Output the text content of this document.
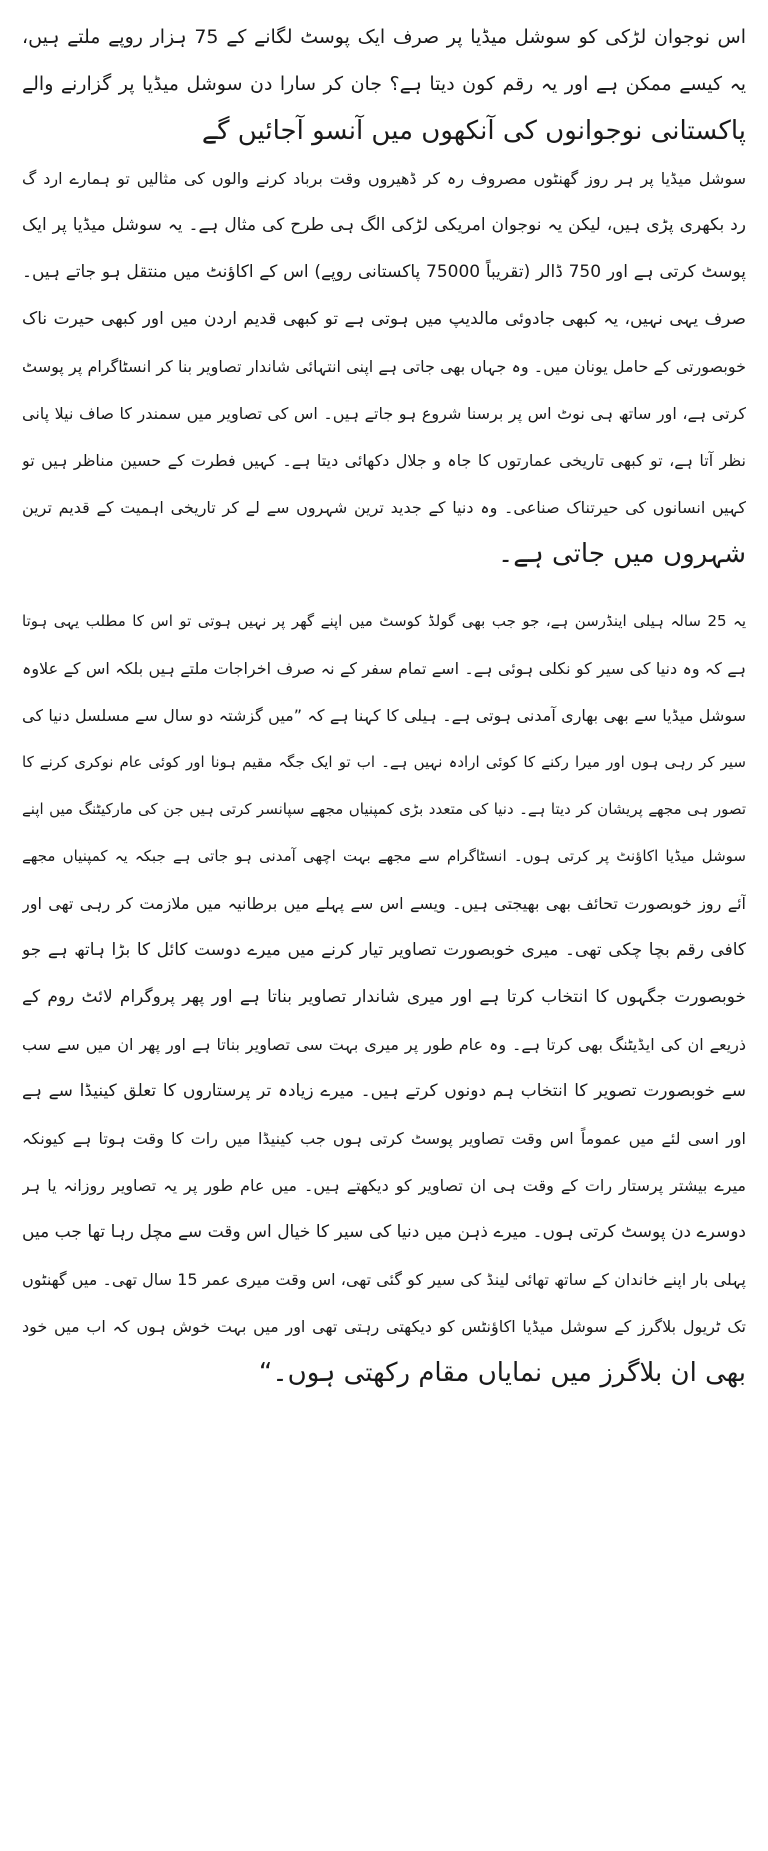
اس نوجوان لڑکی کو سوشل میڈیا پر صرف ایک پوسٹ لگانے کے 75 ہزار روپے ملتے ہیں،
یہ کیسے ممکن ہے اور یہ رقم کون دیتا ہے؟ جان کر سارا دن سوشل میڈیا پر گزارنے والے
پاکستانی نوجوانوں کی آنکھوں میں آنسو آجائیں گے
سوشل میڈیا پر ہر روز گھنٹوں مصروف رہ کر ڈھیروں وقت برباد کرنے والوں کی مثالیں تو ہمارے ارد گ
رد بکھری پڑی ہیں، لیکن یہ نوجوان امریکی لڑکی الگ ہی طرح کی مثال ہے۔ یہ سوشل میڈیا پر ایک
پوسٹ کرتی ہے اور 750 ڈالر (تقریباً 75000 پاکستانی روپے) اس کے اکاؤنٹ میں منتقل ہو جاتے ہیں۔
صرف یہی نہیں، یہ کبھی جادوئی مالدیپ میں ہوتی ہے تو کبھی قدیم اردن میں اور کبھی حیرت ناک
خوبصورتی کے حامل یونان میں۔ وہ جہاں بھی جاتی ہے اپنی انتہائی شاندار تصاویر بنا کر انسٹاگرام پر پوسٹ
کرتی ہے، اور ساتھ ہی نوٹ اس پر برسنا شروع ہو جاتے ہیں۔ اس کی تصاویر میں سمندر کا صاف نیلا پانی
نظر آتا ہے، تو کبھی تاریخی عمارتوں کا جاہ و جلال دکھائی دیتا ہے۔ کہیں فطرت کے حسین مناظر ہیں تو
کہیں انسانوں کی حیرتناک صناعی۔ وہ دنیا کے جدید ترین شہروں سے لے کر تاریخی اہمیت کے قدیم ترین
شہروں میں جاتی ہے۔
یہ 25 سالہ ہیلی اینڈرسن ہے، جو جب بھی گولڈ کوسٹ میں اپنے گھر پر نہیں ہوتی تو اس کا مطلب یہی ہوتا
ہے کہ وہ دنیا کی سیر کو نکلی ہوئی ہے۔ اسے تمام سفر کے نہ صرف اخراجات ملتے ہیں بلکہ اس کے علاوہ
سوشل میڈیا سے بھی بھاری آمدنی ہوتی ہے۔ ہیلی کا کہنا ہے کہ ”میں گزشتہ دو سال سے مسلسل دنیا کی
سیر کر رہی ہوں اور میرا رکنے کا کوئی ارادہ نہیں ہے۔ اب تو ایک جگہ مقیم ہونا اور کوئی عام نوکری کرنے کا
تصور ہی مجھے پریشان کر دیتا ہے۔ دنیا کی متعدد بڑی کمپنیاں مجھے سپانسر کرتی ہیں جن کی مارکیٹنگ میں اپنے
سوشل میڈیا اکاؤنٹ پر کرتی ہوں۔ انسٹاگرام سے مجھے بہت اچھی آمدنی ہو جاتی ہے جبکہ یہ کمپنیاں مجھے
آئے روز خوبصورت تحائف بھی بھیجتی ہیں۔ ویسے اس سے پہلے میں برطانیہ میں ملازمت کر رہی تھی اور
کافی رقم بچا چکی تھی۔ میری خوبصورت تصاویر تیار کرنے میں میرے دوست کائل کا بڑا ہاتھ ہے جو
خوبصورت جگہوں کا انتخاب کرتا ہے اور میری شاندار تصاویر بناتا ہے اور پھر پروگرام لائٹ روم کے
ذریعے ان کی ایڈیٹنگ بھی کرتا ہے۔ وہ عام طور پر میری بہت سی تصاویر بناتا ہے اور پھر ان میں سے سب
سے خوبصورت تصویر کا انتخاب ہم دونوں کرتے ہیں۔ میرے زیادہ تر پرستاروں کا تعلق کینیڈا سے ہے
اور اسی لئے میں عموماً اس وقت تصاویر پوسٹ کرتی ہوں جب کینیڈا میں رات کا وقت ہوتا ہے کیونکہ
میرے بیشتر پرستار رات کے وقت ہی ان تصاویر کو دیکھتے ہیں۔ میں عام طور پر یہ تصاویر روزانہ یا ہر
دوسرے دن پوسٹ کرتی ہوں۔ میرے ذہن میں دنیا کی سیر کا خیال اس وقت سے مچل رہا تھا جب میں
پہلی بار اپنے خاندان کے ساتھ تھائی لینڈ کی سیر کو گئی تھی، اس وقت میری عمر 15 سال تھی۔ میں گھنٹوں
تک ٹریول بلاگرز کے سوشل میڈیا اکاؤنٹس کو دیکھتی رہتی تھی اور میں بہت خوش ہوں کہ اب میں خود
بھی ان بلاگرز میں نمایاں مقام رکھتی ہوں۔“
